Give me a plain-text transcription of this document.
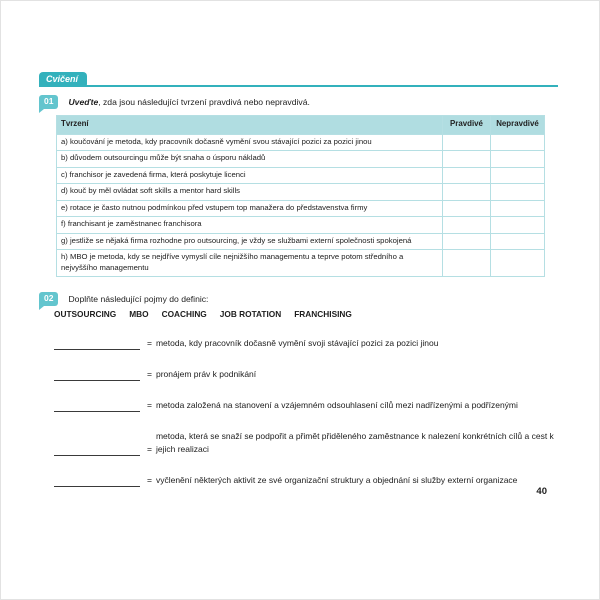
Cvičení
01	Uveďte, zda jsou následující tvrzení pravdivá nebo nepravdivá.
Tvrzení	Pravdivé	Nepravdivé
a) koučování je metoda, kdy pracovník dočasně vymění svou stávající pozici za pozici jinou		
b) důvodem outsourcingu může být snaha o úsporu nákladů		
c) franchisor je zavedená firma, která poskytuje licenci		
d) kouč by měl ovládat soft skills a mentor hard skills		
e) rotace je často nutnou podmínkou před vstupem top manažera do představenstva firmy		
f) franchisant je zaměstnanec franchisora		
g) jestliže se nějaká firma rozhodne pro outsourcing, je vždy se službami externí společnosti spokojená		
h) MBO je metoda, kdy se nejdříve vymyslí cíle nejnižšího managementu a teprve potom středního a nejvyššího managementu		
02	Doplňte následující pojmy do definic:
OUTSOURCING MBO COACHING JOB ROTATION FRANCHISING
= metoda, kdy pracovník dočasně vymění svoji stávající pozici za pozici jinou
= pronájem práv k podnikání
= metoda založená na stanovení a vzájemném odsouhlasení cílů mezi nadřízenými a podřízenými
=
metoda, která se snaží se podpořit a přimět přiděleného zaměstnance k nalezení konkrétních cílů a cest k jejich realizaci
= vyčlenění některých aktivit ze své organizační struktury a objednání si služby externí organizace
40
